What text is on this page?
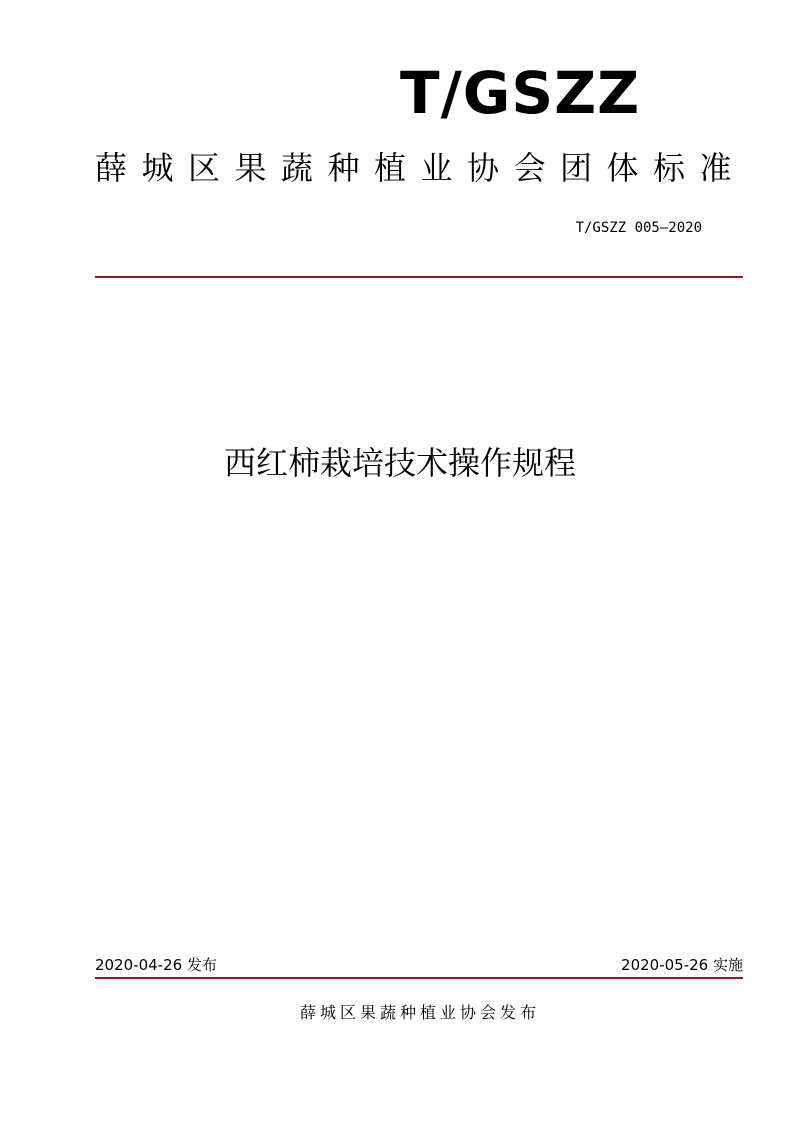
T/GSZZ
薛城区果蔬种植业协会团体标准
T/GSZZ 005—2020
西红柿栽培技术操作规程
2020-04-26 发布	2020-05-26 实施
薛城区果蔬种植业协会发布
